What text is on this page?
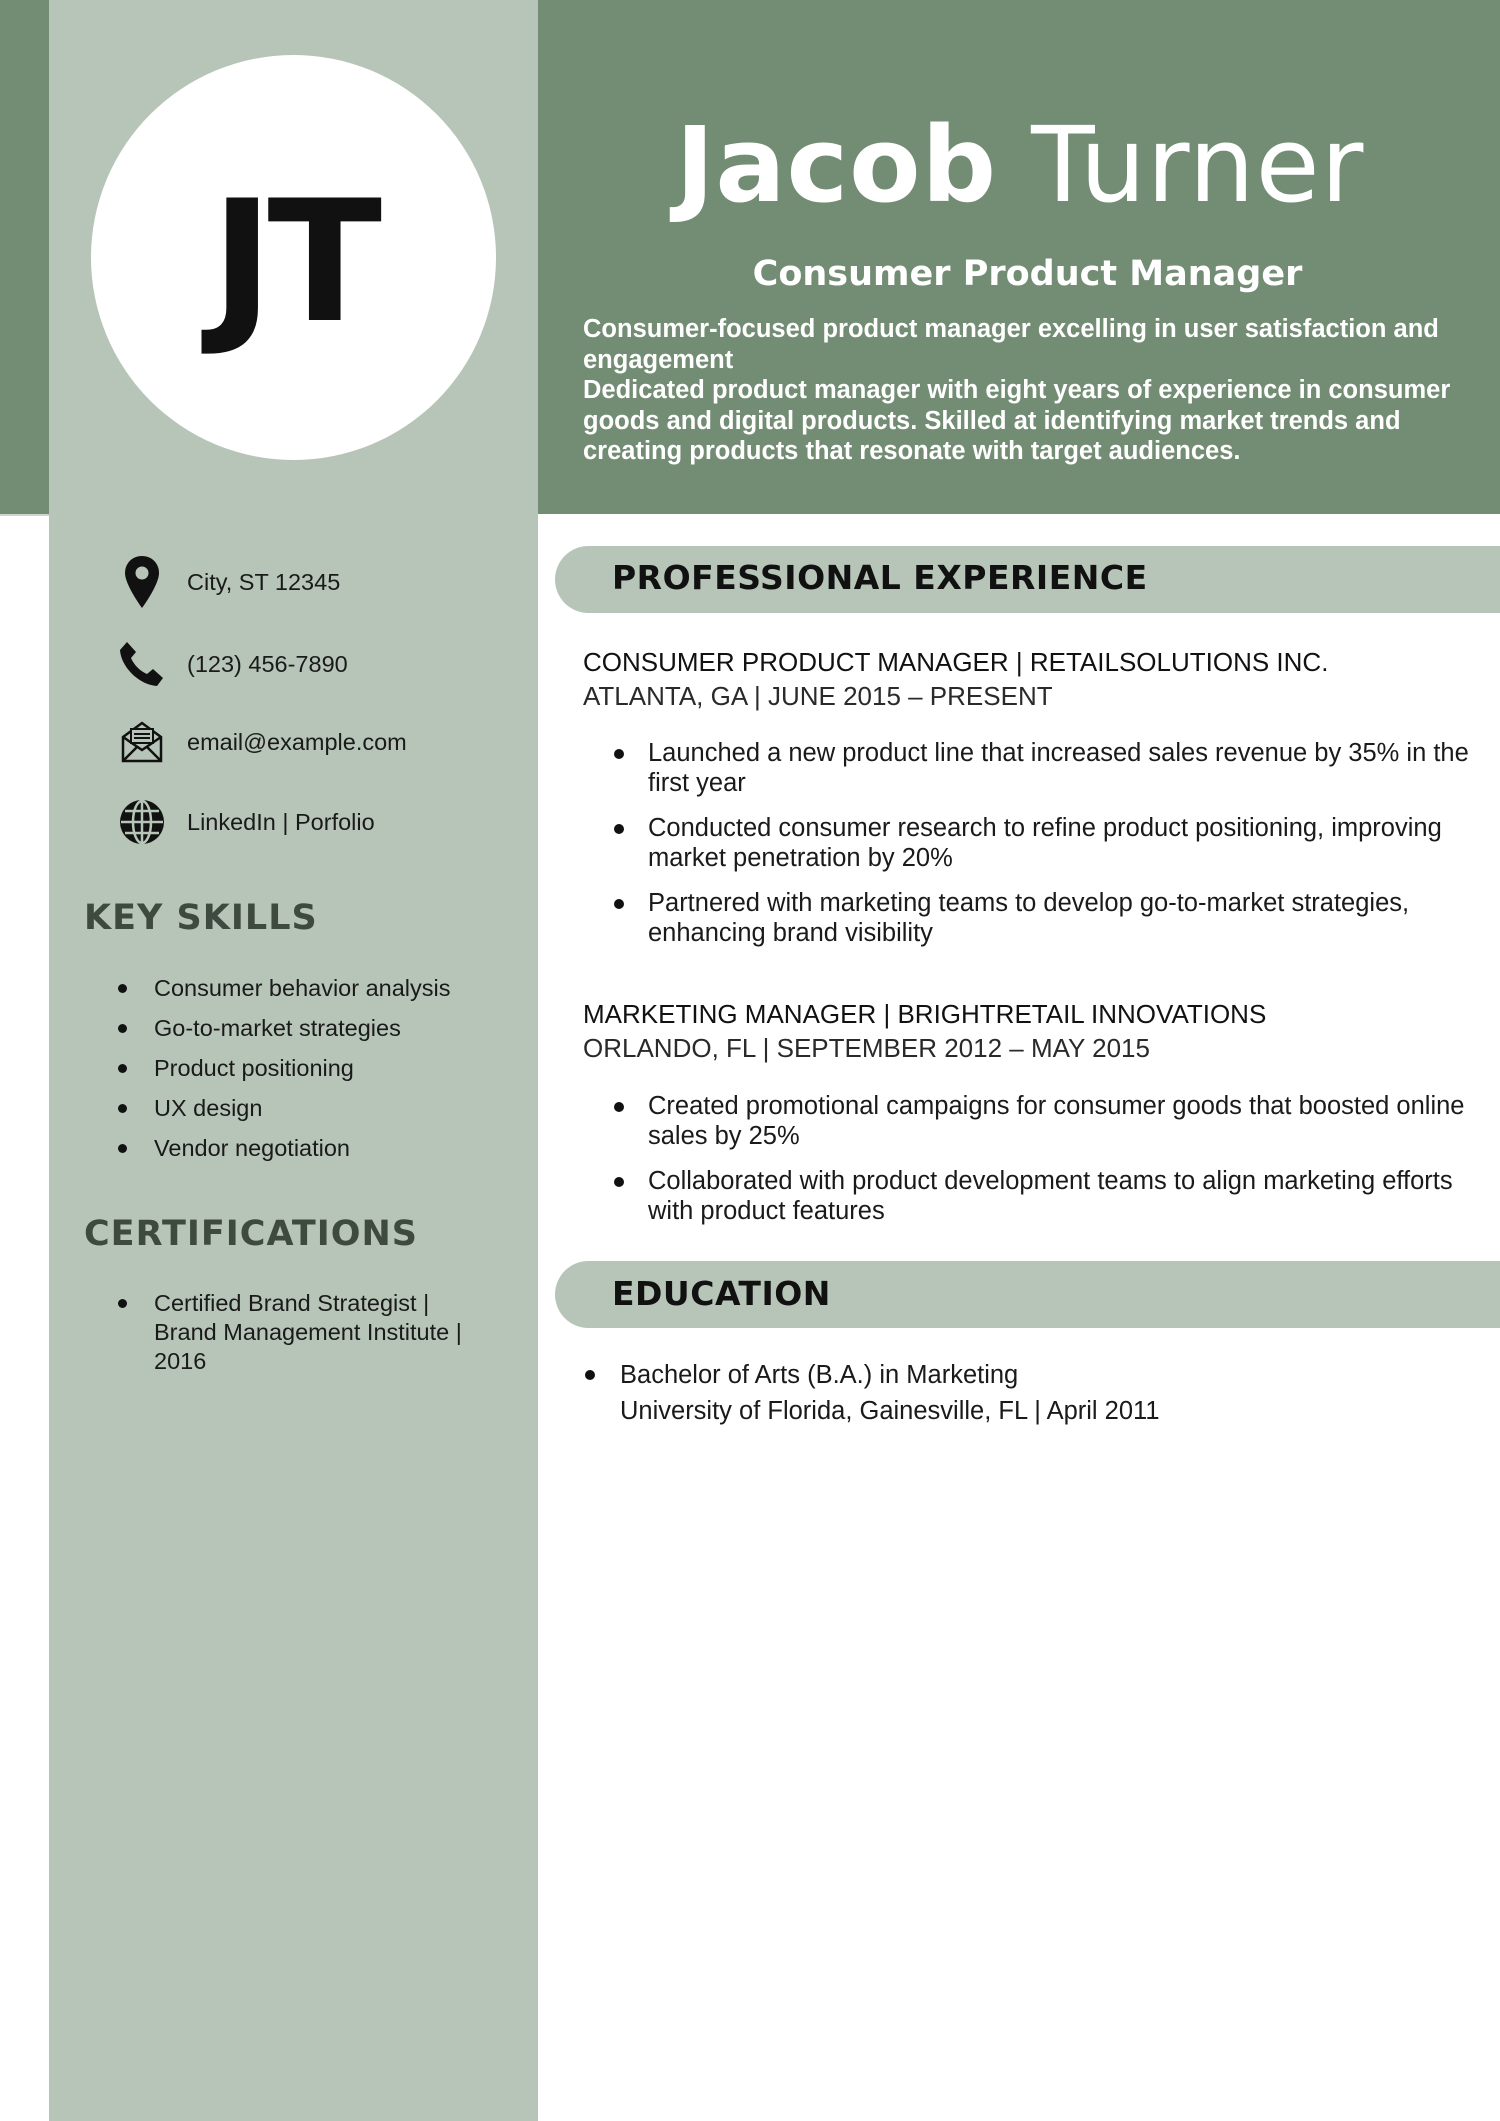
JT	Jacob Turner
Consumer Product Manager

Consumer-focused product manager excelling in user satisfaction and engagement

Dedicated product manager with eight years of experience in consumer goods and digital products. Skilled at identifying market trends and creating products that resonate with target audiences.

City, ST 12345
(123) 456-7890
email@example.com
LinkedIn | Porfolio
KEY SKILLS
Consumer behavior analysis
Go-to-market strategies
Product positioning
UX design
Vendor negotiation
CERTIFICATIONS
Certified Brand Strategist | Brand Management Institute | 2016
PROFESSIONAL EXPERIENCE
CONSUMER PRODUCT MANAGER | RETAILSOLUTIONS INC.
ATLANTA, GA | JUNE 2015 – PRESENT
Launched a new product line that increased sales revenue by 35% in the first year
Conducted consumer research to refine product positioning, improving market penetration by 20%
Partnered with marketing teams to develop go-to-market strategies, enhancing brand visibility
MARKETING MANAGER | BRIGHTRETAIL INNOVATIONS
ORLANDO, FL | SEPTEMBER 2012 – MAY 2015
Created promotional campaigns for consumer goods that boosted online sales by 25%
Collaborated with product development teams to align marketing efforts with product features
EDUCATION
Bachelor of Arts (B.A.) in Marketing
University of Florida, Gainesville, FL | April 2011
